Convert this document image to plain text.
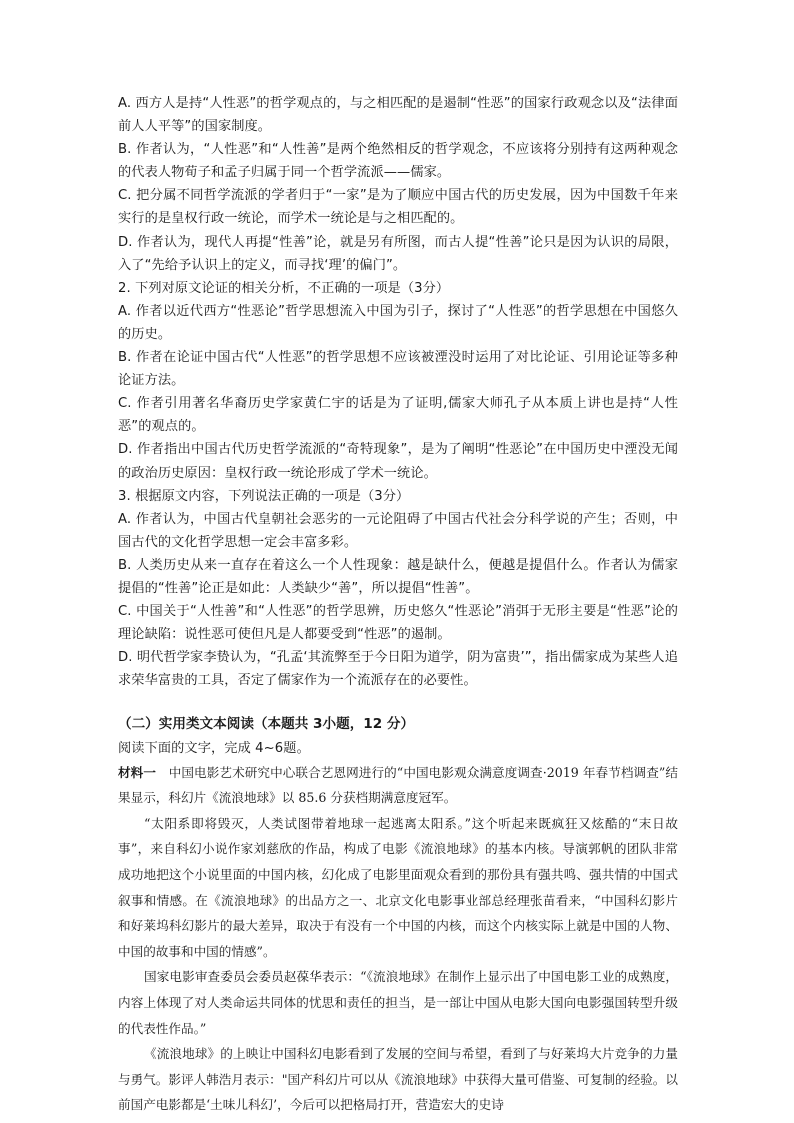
A. 西方人是持“人性恶”的哲学观点的，与之相匹配的是遏制“性恶”的国家行政观念以及“法律面前人人平等”的国家制度。

B. 作者认为，“人性恶”和“人性善”是两个绝然相反的哲学观念，不应该将分别持有这两种观念的代表人物荀子和孟子归属于同一个哲学流派——儒家。

C. 把分属不同哲学流派的学者归于“一家”是为了顺应中国古代的历史发展，因为中国数千年来实行的是皇权行政一统论，而学术一统论是与之相匹配的。

D. 作者认为，现代人再提“性善”论，就是另有所图，而古人提“性善”论只是因为认识的局限，入了“先给予认识上的定义，而寻找‘理’的偏门”。

2. 下列对原文论证的相关分析，不正确的一项是（3分）

A. 作者以近代西方“性恶论”哲学思想流入中国为引子，探讨了“人性恶”的哲学思想在中国悠久的历史。

B. 作者在论证中国古代“人性恶”的哲学思想不应该被湮没时运用了对比论证、引用论证等多种论证方法。

C. 作者引用著名华裔历史学家黄仁宇的话是为了证明,儒家大师孔子从本质上讲也是持“人性恶”的观点的。

D. 作者指出中国古代历史哲学流派的“奇特现象”，是为了阐明“性恶论”在中国历史中湮没无闻的政治历史原因：皇权行政一统论形成了学术一统论。

3. 根据原文内容，下列说法正确的一项是（3分）

A. 作者认为，中国古代皇朝社会恶劣的一元论阻碍了中国古代社会分科学说的产生；否则，中国古代的文化哲学思想一定会丰富多彩。

B. 人类历史从来一直存在着这么一个人性现象：越是缺什么，便越是提倡什么。作者认为儒家提倡的“性善”论正是如此：人类缺少“善”，所以提倡“性善”。

C. 中国关于“人性善”和“人性恶”的哲学思辨，历史悠久“性恶论”消弭于无形主要是“性恶”论的理论缺陷：说性恶可使但凡是人都要受到“性恶”的遏制。

D. 明代哲学家李贽认为，“孔孟‘其流弊至于今日阳为道学，阴为富贵’”，指出儒家成为某些人追求荣华富贵的工具，否定了儒家作为一个流派存在的必要性。

（二）实用类文本阅读（本题共 3小题，12 分）

阅读下面的文字，完成 4~6题。

材料一　中国电影艺术研究中心联合艺恩网进行的“中国电影观众满意度调查·2019 年春节档调查”结果显示，科幻片《流浪地球》以 85.6 分获档期满意度冠军。

“太阳系即将毁灭，人类试图带着地球一起逃离太阳系。”这个听起来既疯狂又炫酷的“末日故事”，来自科幻小说作家刘慈欣的作品，构成了电影《流浪地球》的基本内核。导演郭帆的团队非常成功地把这个小说里面的中国内核，幻化成了电影里面观众看到的那份具有强共鸣、强共情的中国式叙事和情感。在《流浪地球》的出品方之一、北京文化电影事业部总经理张苗看来，“中国科幻影片和好莱坞科幻影片的最大差异，取决于有没有一个中国的内核，而这个内核实际上就是中国的人物、中国的故事和中国的情感”。

国家电影审查委员会委员赵葆华表示：“《流浪地球》在制作上显示出了中国电影工业的成熟度，内容上体现了对人类命运共同体的忧思和责任的担当，是一部让中国从电影大国向电影强国转型升级的代表性作品。”

《流浪地球》的上映让中国科幻电影看到了发展的空间与希望，看到了与好莱坞大片竞争的力量与勇气。影评人韩浩月表示："国产科幻片可以从《流浪地球》中获得大量可借鉴、可复制的经验。以前国产电影都是‘土味儿科幻’，今后可以把格局打开，营造宏大的史诗
